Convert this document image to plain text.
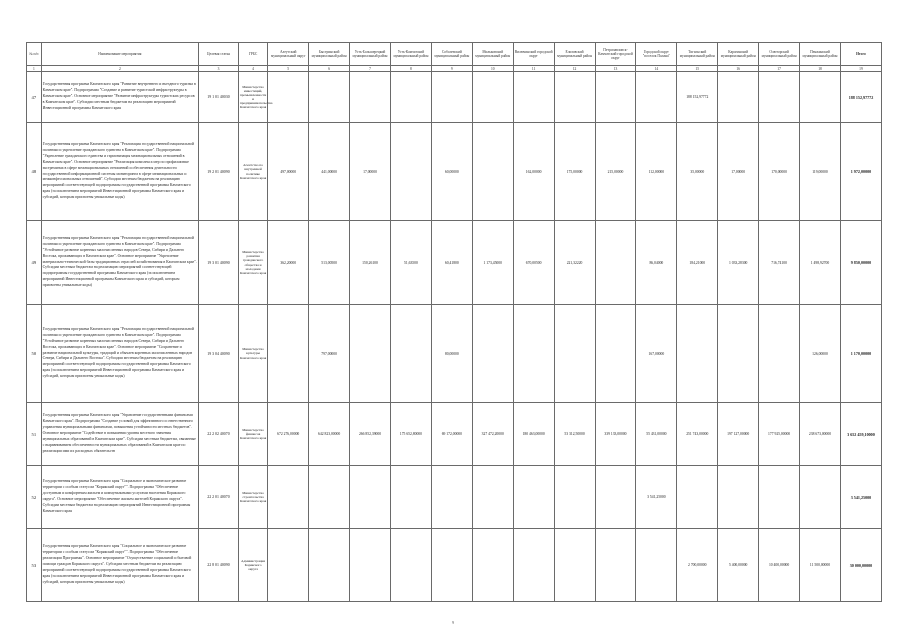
№ п/п	Наименование мероприятия	Целевая статья	ГРБС	Алеутский муниципальный округ	Быстринский муниципальный район	Усть-Большерецкий муниципальный район	Усть-Камчатский муниципальный район	Соболевский муниципальный район	Мильковский муниципальный район	Вилючинский городской округ	Елизовский муниципальный район	Петропавловск-Камчатский городской округ	Городской округ "поселок Палана"	Тигильский муниципальный район	Карагинский муниципальный район	Олюторский муниципальный район	Пенжинский муниципальный район	Итого
1	2	3	4	5	6	7	8	9	10	11	12	13	14	15	16	17	18	19
47	Государственная программа Камчатского края "Развитие внутреннего и въездного туризма в Камчатском крае". Подпрограмма "Создание и развитие туристской инфраструктуры в Камчатском крае". Основное мероприятие "Развитие инфраструктуры туристских ресурсов в Камчатском крае". Субсидии местным бюджетам на реализацию мероприятий Инвестиционной программы Камчатского края	19 1 01 40030	Министерство инвестиций, промышленности и предпринимательства Камчатского края											188 152,97772				188 152,97772
48	Государственная программа Камчатского края "Реализация государственной национальной политики и укрепление гражданского единства в Камчатском крае". Подпрограмма "Укрепление гражданского единства и гармонизация межнациональных отношений в Камчатском крае". Основное мероприятие "Реализация комплекса мер по профилактике экстремизма в сфере межнациональных отношений и обеспечения деятельности государственной информационной системы мониторинга в сфере межнациональных и межконфессиональных отношений". Субсидии местным бюджетам на реализацию мероприятий соответствующей подпрограммы государственной программы Камчатского края (за исключением мероприятий Инвестиционной программы Камчатского края и субсидий, которым присвоены уникальные коды)	19 2 01 40090	Агентство по внутренней политике Камчатского края	497,00000	441,00000	17,00000		60,00000		162,00000	175,00000	215,00000	112,00000	35,00000	17,00000	170,00000	119,00000	1 972,00000
49	Государственная программа Камчатского края "Реализация государственной национальной политики и укрепление гражданского единства в Камчатском крае". Подпрограмма "Устойчивое развитие коренных малочисленных народов Севера, Сибири и Дальнего Востока, проживающих в Камчатском крае". Основное мероприятие "Укрепление материально-технической базы традиционных отраслей хозяйствования в Камчатском крае". Субсидии местным бюджетам на реализацию мероприятий соответствующей подпрограммы государственной программы Камчатского края (за исключением мероприятий Инвестиционной программы Камчатского края и субсидий, которым присвоены уникальные коды)	19 3 01 40090	Министерство развития гражданского общества и молодежи Камчатского края	362,20000	513,00500	150,26100	51,63500	60,41800	1 173,45000	670,00500	221,32220		86,04000	184,21000	1 033,28300	716,74100	1 498,92700	9 850,00000
50	Государственная программа Камчатского края "Реализация государственной национальной политики и укрепление гражданского единства в Камчатском крае". Подпрограмма "Устойчивое развитие коренных малочисленных народов Севера, Сибири и Дальнего Востока, проживающих в Камчатском крае". Основное мероприятие "Сохранение и развитие национальной культуры, традиций и обычаев коренных малочисленных народов Севера, Сибири и Дальнего Востока". Субсидии местным бюджетам на реализацию мероприятий соответствующей подпрограммы государственной программы Камчатского края (за исключением мероприятий Инвестиционной программы Камчатского края и субсидий, которым присвоены уникальные коды)	19 3 04 40090	Министерство культуры Камчатского края		797,00000			80,00000					167,00000				126,00000	1 170,00000
51	Государственная программа Камчатского края "Управление государственными финансами Камчатского края". Подпрограмма "Создание условий для эффективного и ответственного управления муниципальными финансами, повышения устойчивости местных бюджетов". Основное мероприятие "Содействие в повышении уровня местного значения муниципальных образований в Камчатском крае". Субсидии местным бюджетам, связанные с выравниванием обеспеченности муниципальных образований в Камчатском крае по реализации ими их расходных обязательств	22 2 02 40070	Министерство финансов Камчатского края	672 276,00000	642 823,00000	266 852,39000	175 652,80000	69 172,00000	327 472,20000	180 463,00000	53 312,50000	339 133,00000	55 431,00000	251 743,00000	197 127,00000	177 925,00000	238 673,00000	3 652 459,10000
52	Государственная программа Камчатского края "Социальное и экономическое развитие территории с особым статусом "Корякский округ"". Подпрограмма "Обеспечение доступным и комфортным жильем и коммунальными услугами населения Корякского округа". Основное мероприятие "Обеспечение жильем жителей Корякского округа". Субсидии местным бюджетам на реализацию мероприятий Инвестиционной программы Камчатского края	22 2 01 40070	Министерство строительства Камчатского края										3 541,25000					3 541,25000
53	Государственная программа Камчатского края "Социальное и экономическое развитие территории с особым статусом "Корякский округ"". Подпрограмма "Обеспечение реализации Программы". Основное мероприятие "Осуществление социальной и бытовой помощи граждан Корякского округа". Субсидии местным бюджетам на реализацию мероприятий соответствующей подпрограммы государственной программы Камчатского края (за исключением мероприятий Инвестиционной программы Камчатского края и субсидий, которым присвоены уникальные коды)	22 8 01 40090	Администрация Корякского округа											2 700,00000	5 400,00000	10 400,00000	11 500,00000	30 000,00000
9
